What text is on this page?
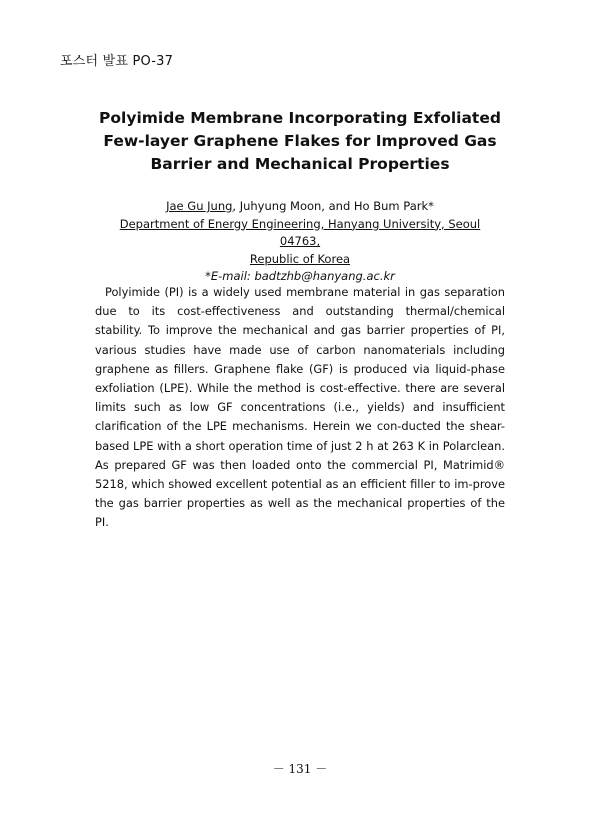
포스터 발표 PO-37
Polyimide Membrane Incorporating Exfoliated Few-layer Graphene Flakes for Improved Gas Barrier and Mechanical Properties
Jae Gu Jung, Juhyung Moon, and Ho Bum Park*
Department of Energy Engineering, Hanyang University, Seoul 04763,
Republic of Korea
*E-mail: badtzhb@hanyang.ac.kr

Polyimide (PI) is a widely used membrane material in gas separation due to its cost-effectiveness and outstanding thermal/chemical stability. To improve the mechanical and gas barrier properties of PI, various studies have made use of carbon nanomaterials including graphene as fillers. Graphene flake (GF) is produced via liquid-phase exfoliation (LPE). While the method is cost-effective. there are several limits such as low GF concentrations (i.e., yields) and insufficient clarification of the LPE mechanisms. Herein we con-ducted the shear-based LPE with a short operation time of just 2 h at 263 K in Polarclean. As prepared GF was then loaded onto the commercial PI, Matrimid® 5218, which showed excellent potential as an efficient filler to im-prove the gas barrier properties as well as the mechanical properties of the PI.

－ 131 －
